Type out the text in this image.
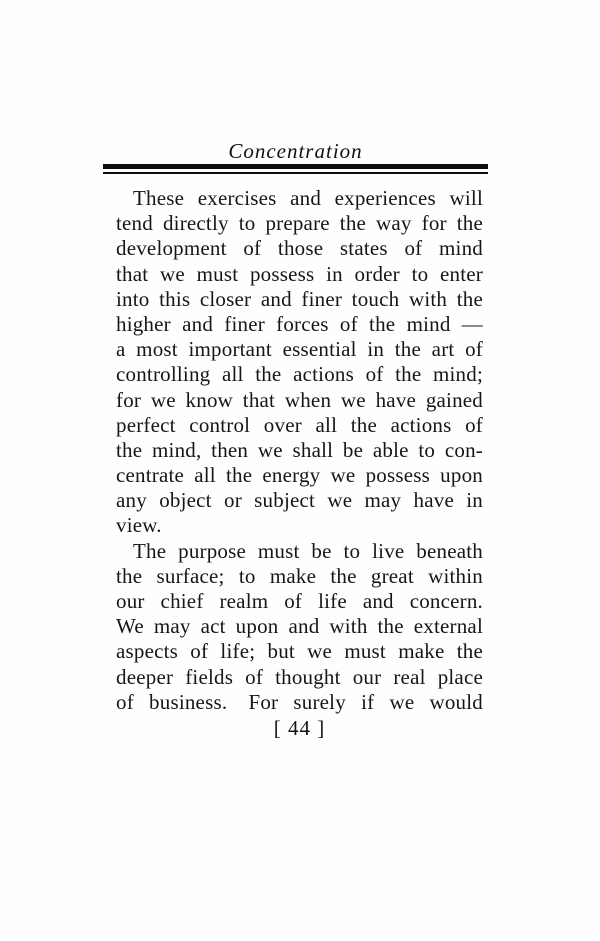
Concentration
These exercises and experiences will
tend directly to prepare the way for the
development of those states of mind
that we must possess in order to enter
into this closer and finer touch with the
higher and finer forces of the mind —
a most important essential in the art of
controlling all the actions of the mind;
for we know that when we have gained
perfect control over all the actions of
the mind, then we shall be able to con-
centrate all the energy we possess upon
any object or subject we may have in
view.
The purpose must be to live beneath
the surface; to make the great within
our chief realm of life and concern.
We may act upon and with the external
aspects of life; but we must make the
deeper fields of thought our real place
of business. For surely if we would
[ 44 ]
